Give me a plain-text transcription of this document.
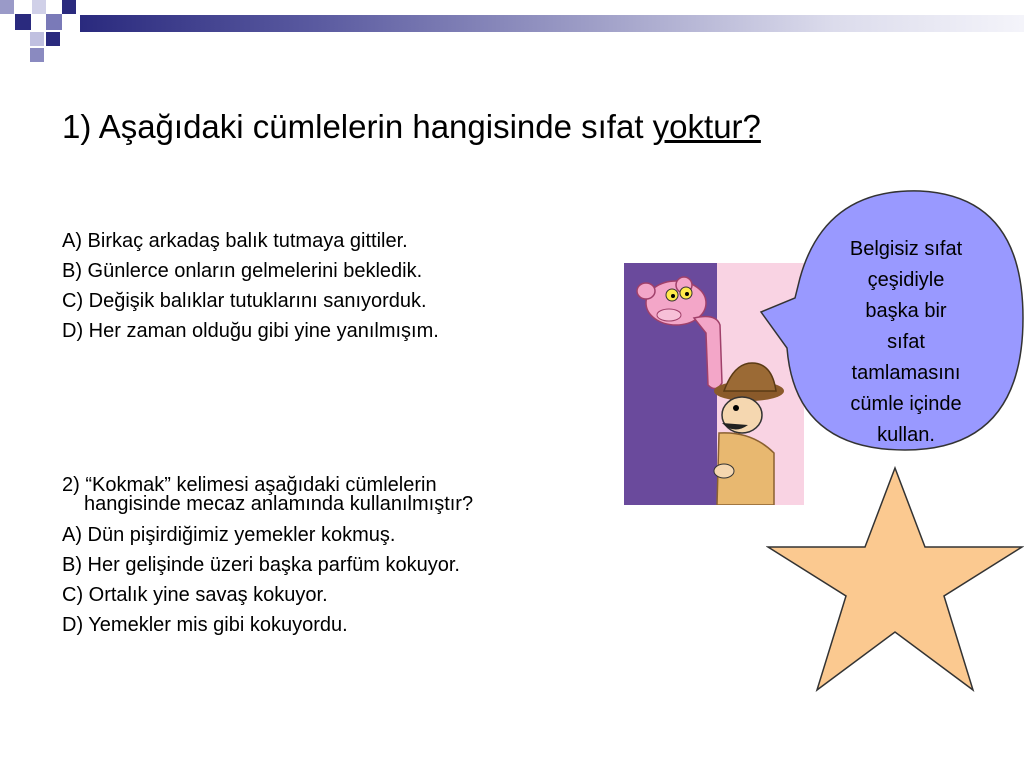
1) Aşağıdaki cümlelerin hangisinde sıfat yoktur?
A) Birkaç arkadaş balık tutmaya gittiler.
B) Günlerce onların gelmelerini bekledik.
C) Değişik balıklar tutuklarını sanıyorduk.
D) Her zaman olduğu gibi yine yanılmışım.
2) “Kokmak” kelimesi aşağıdaki cümlelerin
hangisinde mecaz anlamında kullanılmıştır?
A) Dün pişirdiğimiz yemekler kokmuş.
B) Her gelişinde üzeri başka parfüm kokuyor.
C) Ortalık yine savaş kokuyor.
D) Yemekler mis gibi kokuyordu.
Belgisiz sıfat
çeşidiyle
başka bir
sıfat
tamlamasını
cümle içinde
kullan.
